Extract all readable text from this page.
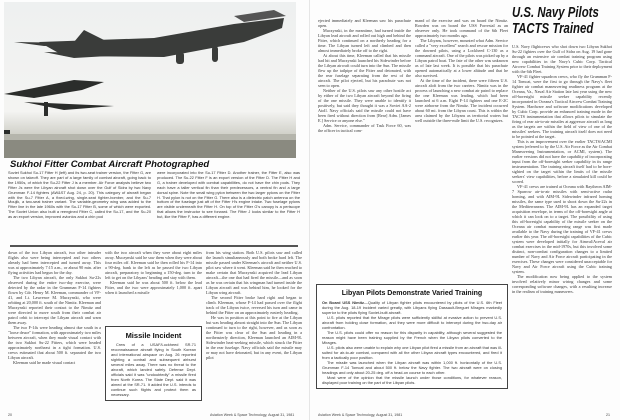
Sukhoi Fitter Combat Aircraft Photographed
Soviet Sukhoi Su-17 Fitter H (left) and its two-seat trainer version, the Fitter G, are shown on takeoff. They are part of a large family of combat aircraft, going back to the 1950s, of which the Su-22 Fitter J is a member. Air Force analysts believe two Fitter Js were the Libyan aircraft shot down over the Gulf of Sidra by two Navy Grumman F-14 fighters (AW&ST Aug. 24, p. 20). This category of aircraft began with the Su-7 Fitter A, a fixed-wing, single-seat fighter-bomber, and the Su-7 Moujik, a two-seat trainer variant. The variable-geometry wing was added to the Fitter line in the late 1960s with the Su-17 Fitter B, some of which were exported. The Soviet Union also built a reengined Fitter C, called the Su-17, and the Su-20 as an export version, improved avionics and a chin pod
were incorporated into the Su-17 Fitter D. Another trainer, the Fitter E, also was produced. The Su-22 Fitter F is an export version of the Fitter D. The Fitter H and G, a trainer developed with combat capabilities, do not have the chin pods. They each have a taller vertical fin than their predecessors, a ventral fin and a large dorsal spine. Note the small wing pylon between the two larger pylons on the Fitter H. That pylon is not on the Fitter G. There also is a dielectric patch antenna on the bottom of the fuselage just aft of the Fitter H's engine intake. Two fuselage pylons are visible underneath the Fitter H. On top of the Fitter G's canopy is a periscope that allows the instructor to see forward. The Fitter J looks similar to the Fitter H but, like the Fitter F, has a different engine.

down of the two Libyan aircraft, two other intruder flights also were being intercepted and two others already had been intercepted and turned away. This was at approximately 7:15 a.m., or about 90 min. after flying activities had begun for the day.

The two Libyan aircraft, the only Sukhoi Su-22s observed during the entire two-day exercise, were detected by the radar in the Grumman F-14 fighters flown by Cdr. Henry M. Kleeman, commander of VF-41, and Lt. Lawrence M. Muczynski, who were orbiting at 20,000 ft. south of the Nimitz. Kleeman and Muczynski reported their contact to the Nimitz and were directed to move south from their combat air patrol orbit to intercept the Libyan aircraft and warn them away.

The two F-14s were heading almost due south in a "loose deuce" formation, with approximately two miles between aircraft, when they made visual contact with the two Sukhoi Su-22 Fitters, which were headed approximately northeast in a tight formation. U.S. crews estimated that about 500 ft. separated the two Libyan aircraft.

Kleeman said he made visual contact

with the two aircraft when they were about eight miles away. Muczynski said he saw them when they were about four miles off. Kleeman said he then rolled his F-14 into a 90-deg. bank to the left as he passed the two Libyan aircraft, preparatory to beginning a 150-deg. turn to the left to get on the Libyans' heading and stay with them.

Kleeman said he was about 500 ft. below the lead Fitter, and the two were approximately 1,000 ft. apart when it launched a missile

Missile Incident

Crew of a USAF/Lockheed SR-71 reconnaissance aircraft flying in South Korean and international airspace on Aug. 26 reported sighting a contrail and subsequent airburst several miles away. There was no threat to the aircraft, which landed safely. Defense Dept. officials said it was "undoubtedly" a missile fired from North Korea. The State Dept. said it was aimed at the SR-71. It added the U.S. intends to continue such flights and protect them as necessary.

from his wing station. Both U.S. pilots saw and called the launch simultaneously and both broke hard left. The missile passed under Kleeman's aircraft and neither U.S. pilot saw where it went. Kleeman said he then reached to make certain that Muczynski acquired the lead Libyan aircraft—the one that had fired the missile—and as soon as he was certain that his wingman had turned inside the Libyan aircraft and was behind him, he looked for the Libyan wing aircraft.

The second Fitter broke hard right and began to climb. Kleeman, whose F-14 had passed over the flight track of the Libyan twice, reversed his turn and came in behind the Fitter on an approximately easterly heading.

He was in position at this point to fire at the Libyan but was heading almost straight into the Sun. The Libyan continued to turn to the right, however, and as soon as the Fitter was clear of the Sun and heading in a northeasterly direction, Kleeman launched an AIM-9L Sidewinder heat-seeking missile, which struck the Fitter in the rear fuselage. Navy officials said the missile may or may not have detonated, but in any event, the Libyan pilot

20	Aviation Week & Space Technology, August 31, 1981

ejected immediately and Kleeman saw his parachute open.

Muczynski, in the meantime, had turned inside the Libyan lead aircraft and rolled out high and behind the Fitter, which continued on a northerly heading for a time. The Libyan turned left and climbed and then almost immediately broke off to the right.

At about this time, Kleeman called that his missile had hit and Muczynski launched his Sidewinder before the Libyan aircraft could turn into the Sun. The missile flew up the tailpipe of the Fitter and detonated, with the rear fuselage separating from the rest of the aircraft. The pilot ejected, but his parachute was not seen to open.

Neither of the U.S. pilots saw any other hostile act by either of the two Libyan aircraft beyond the firing of the one missile. They were unable to identify it positively, but said they thought it was a Soviet AA-2 Atoll. Navy officials said the missile could not have been fired without direction from [Rear] Adm. [James E.] Service or anyone else."

Adm. Service, commander of Task Force 60, was the officer in tactical com-

mand of the exercise and was on board the Nimitz. Rowden was on board the USS Forrestal as an observer only. He took command of the 6th Fleet approximately two months ago.

The Libyans, however, mounted what Adm. Service called a "very excellent" search and rescue mission for the downed pilots, using a Lockheed C-130 as a command aircraft. One of the pilots was picked up by a Libyan patrol boat. The fate of the other was unknown as of late last week. It is possible that his parachute opened automatically at a lower altitude and that he also survived.

At the time of the incident, there were fifteen U.S. aircraft aloft from the two carriers. Nimitz was in the process of launching a new combat air patrol to replace the one Kleeman was leading, which had been launched at 6 a.m. Eight F-14 fighters and one E-2C were airborne from the Nimitz. The incident occurred about 60 mi. from the Libyan coast. This is within the area claimed by the Libyans as territorial waters but well outside the three-mile limit the U.S. recognizes.

U.S. Navy Pilots TACTS Trained

U.S. Navy flightcrews who shot down two Libyan Sukhoi Su-22 fighters over the Gulf of Sidra on Aug. 19 had gone through an extensive air combat training program using new capabilities in the Navy's Cubic Corp. Tactical Aircrew Combat Training System prior to their deployment with the 6th Fleet.

VF-41 fighter squadron crews, who fly the Grumman F-14 Tomcat, were the first to go through the Navy's fleet fighter air combat maneuvering readiness program at the Oceana, Va., Naval Air Station late last year using the new off-boresight missile seeker capability recently incorporated in Oceana's Tactical Aircrew Combat Training System. Hardware and software modifications developed by Cubic Corp. provide an enhanced training mode in the TACTS instrumentation that allows pilots to simulate the firing of rear air-to-air missiles at aggressor aircraft as long as the targets are within the field of view of one of the missiles' seekers. The training aircraft itself does not need to be pointed at the target.

This is an improvement over the earlier TACTS/ACMI system (referred to by the U.S. Air Force as the Air Combat Maneuvering Instrumentation, or ACMI, system). The earlier versions did not have the capability of incorporating input from the off-boresight seeker capability in its range instrumentation. The training aircraft itself had to be bore-sighted on the target within the limits of the missile seekers' view capabilities, before a simulated kill could be scored.

VF-41 crews are trained at Oceana with Raytheon AIM-7 Sparrow air-to-air missiles with semi-active radar homing, and with AIM-9L Sidewinder infrared homing missiles, the same type used to shoot down the Su-22s in the Mediterranean. The AIM-9L has an expanded target acquisition envelope, in terms of the off-boresight angle at which it can look on to a target. The possibility of using this off-boresight capability of the missile seeker on the Oceana air combat maneuvering range was first made available to the Navy during the training of VF-41 crews earlier this year. The off-boresight capabilities of the Cubic system were developed initially for Aimval/Aceval air combat exercises in the mid-1970s, but this involved some distinct, non-combat configuration changes to a limited number of Navy and Air Force aircraft participating in the exercises. These changes were considered unacceptable for Navy and Air Force aircraft using the Cubic training system.

The modification now being applied to the system involved relatively minor wiring changes and some corresponding software changes, with a resulting increase in the realism of training maneuvers.

Libyan Pilots Demonstrate Varied Training

On Board USS Nimitz—Quality of Libyan fighter pilots encountered by pilots of the U.S. 6th Fleet during the Aug. 18-19 incident varied greatly, with Libyans flying Dassault-Breguet Mirages markedly superior to the pilots flying Soviet-built aircraft.

U.S. pilots reported that the Mirage pilots were sufficiently skillful at evasive action to prevent U.S. aircraft from holding close formation, and they were more difficult to intercept during the two-day air confrontation.

The U.S. pilots could offer no reason for this disparity in capability, although several suggested the reason might have been training supplied by the French when the Libyan pilots converted to the Mirages.

U.S. pilots also were unable to explain why one Libyan pilot fired a missile from an aircraft that was ill-suited for air-to-air combat, compared with all the other Libyan aircraft types encountered, and fired it from a tactically poor position.

The missile was launched when the Libyan aircraft was within 1,000 ft. horizontally of the U.S. Grumman F-14 Tomcat and about 500 ft. below the Navy fighter. The two aircraft were on closing headings and only about 20-25 deg. off a head-on course to each other.

Most were of the opinion that the missile launch under those conditions, for whatever reason, displayed poor training on the part of the Libyan pilots.

Aviation Week & Space Technology, August 31, 1981	21
